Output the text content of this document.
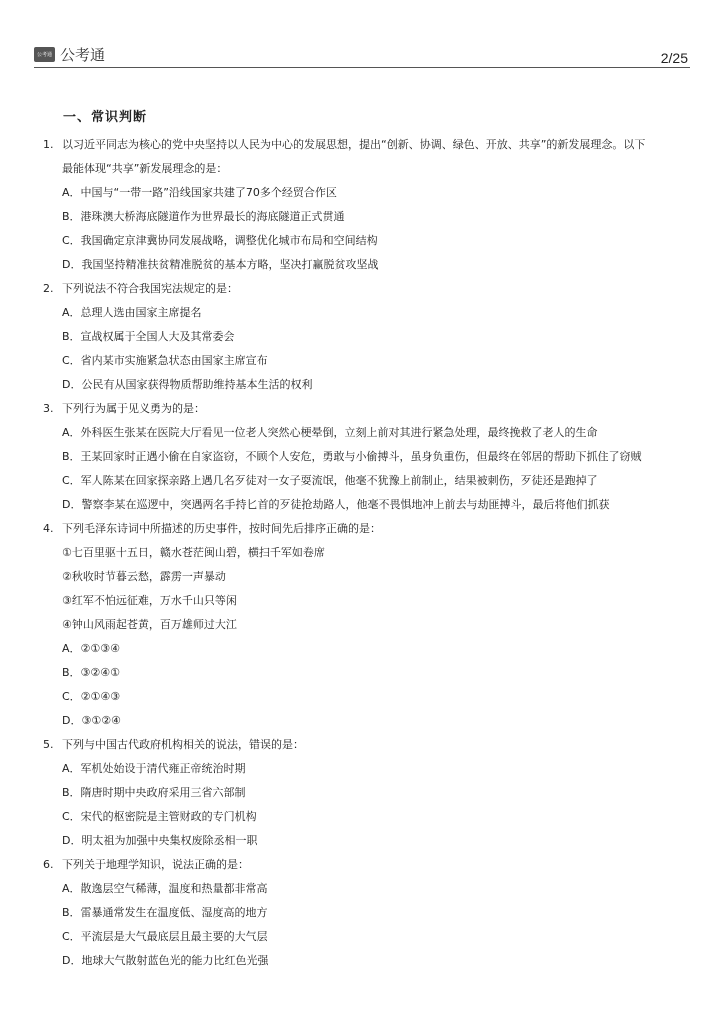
公考通 公考通	2/25
一、常识判断
1. 以习近平同志为核心的党中央坚持以人民为中心的发展思想，提出“创新、协调、绿色、开放、共享”的新发展理念。以下
最能体现“共享”新发展理念的是：
A．中国与“一带一路”沿线国家共建了70多个经贸合作区
B．港珠澳大桥海底隧道作为世界最长的海底隧道正式贯通
C．我国确定京津冀协同发展战略，调整优化城市布局和空间结构
D．我国坚持精准扶贫精准脱贫的基本方略，坚决打赢脱贫攻坚战
2. 下列说法不符合我国宪法规定的是：
A．总理人选由国家主席提名
B．宣战权属于全国人大及其常委会
C．省内某市实施紧急状态由国家主席宣布
D．公民有从国家获得物质帮助维持基本生活的权利
3. 下列行为属于见义勇为的是：
A．外科医生张某在医院大厅看见一位老人突然心梗晕倒，立刻上前对其进行紧急处理，最终挽救了老人的生命
B．王某回家时正遇小偷在自家盗窃，不顾个人安危，勇敢与小偷搏斗，虽身负重伤，但最终在邻居的帮助下抓住了窃贼
C．军人陈某在回家探亲路上遇几名歹徒对一女子耍流氓，他毫不犹豫上前制止，结果被刺伤，歹徒还是跑掉了
D．警察李某在巡逻中，突遇两名手持匕首的歹徒抢劫路人，他毫不畏惧地冲上前去与劫匪搏斗，最后将他们抓获
4. 下列毛泽东诗词中所描述的历史事件，按时间先后排序正确的是：
①七百里驱十五日，赣水苍茫闽山碧，横扫千军如卷席
②秋收时节暮云愁，霹雳一声暴动
③红军不怕远征难，万水千山只等闲
④钟山风雨起苍黄，百万雄师过大江
A．②①③④
B．③②④①
C．②①④③
D．③①②④
5. 下列与中国古代政府机构相关的说法，错误的是：
A．军机处始设于清代雍正帝统治时期
B．隋唐时期中央政府采用三省六部制
C．宋代的枢密院是主管财政的专门机构
D．明太祖为加强中央集权废除丞相一职
6. 下列关于地理学知识，说法正确的是：
A．散逸层空气稀薄，温度和热量都非常高
B．雷暴通常发生在温度低、湿度高的地方
C．平流层是大气最底层且最主要的大气层
D．地球大气散射蓝色光的能力比红色光强
